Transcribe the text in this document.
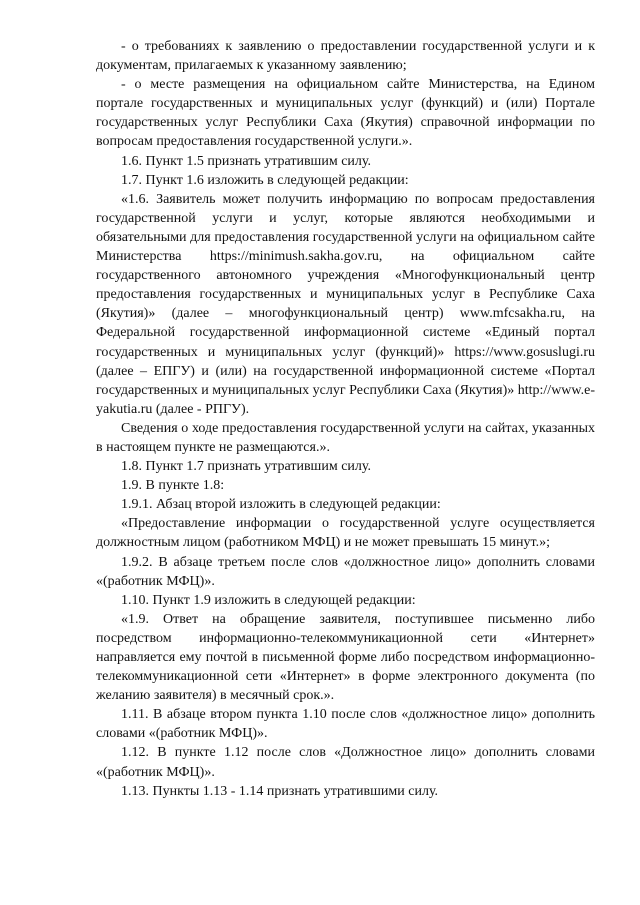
- о требованиях к заявлению о предоставлении государственной услуги и к документам, прилагаемых к указанному заявлению;

- о месте размещения на официальном сайте Министерства, на Едином портале государственных и муниципальных услуг (функций) и (или) Портале государственных услуг Республики Саха (Якутия) справочной информации по вопросам предоставления государственной услуги.».

1.6. Пункт 1.5 признать утратившим силу.

1.7. Пункт 1.6 изложить в следующей редакции:

«1.6. Заявитель может получить информацию по вопросам предоставления государственной услуги и услуг, которые являются необходимыми и обязательными для предоставления государственной услуги на официальном сайте Министерства https://minimush.sakha.gov.ru, на официальном сайте государственного автономного учреждения «Многофункциональный центр предоставления государственных и муниципальных услуг в Республике Саха (Якутия)» (далее – многофункциональный центр) www.mfcsakha.ru, на Федеральной государственной информационной системе «Единый портал государственных и муниципальных услуг (функций)» https://www.gosuslugi.ru (далее – ЕПГУ) и (или) на государственной информационной системе «Портал государственных и муниципальных услуг Республики Саха (Якутия)» http://www.e-yakutia.ru (далее - РПГУ).

Сведения о ходе предоставления государственной услуги на сайтах, указанных в настоящем пункте не размещаются.».

1.8. Пункт 1.7 признать утратившим силу.

1.9. В пункте 1.8:

1.9.1. Абзац второй изложить в следующей редакции:

«Предоставление информации о государственной услуге осуществляется должностным лицом (работником МФЦ) и не может превышать 15 минут.»;

1.9.2. В абзаце третьем после слов «должностное лицо» дополнить словами «(работник МФЦ)».

1.10. Пункт 1.9 изложить в следующей редакции:

«1.9. Ответ на обращение заявителя, поступившее письменно либо посредством информационно-телекоммуникационной сети «Интернет» направляется ему почтой в письменной форме либо посредством информационно-телекоммуникационной сети «Интернет» в форме электронного документа (по желанию заявителя) в месячный срок.».

1.11. В абзаце втором пункта 1.10 после слов «должностное лицо» дополнить словами «(работник МФЦ)».

1.12. В пункте 1.12 после слов «Должностное лицо» дополнить словами «(работник МФЦ)».

1.13. Пункты 1.13 - 1.14 признать утратившими силу.
